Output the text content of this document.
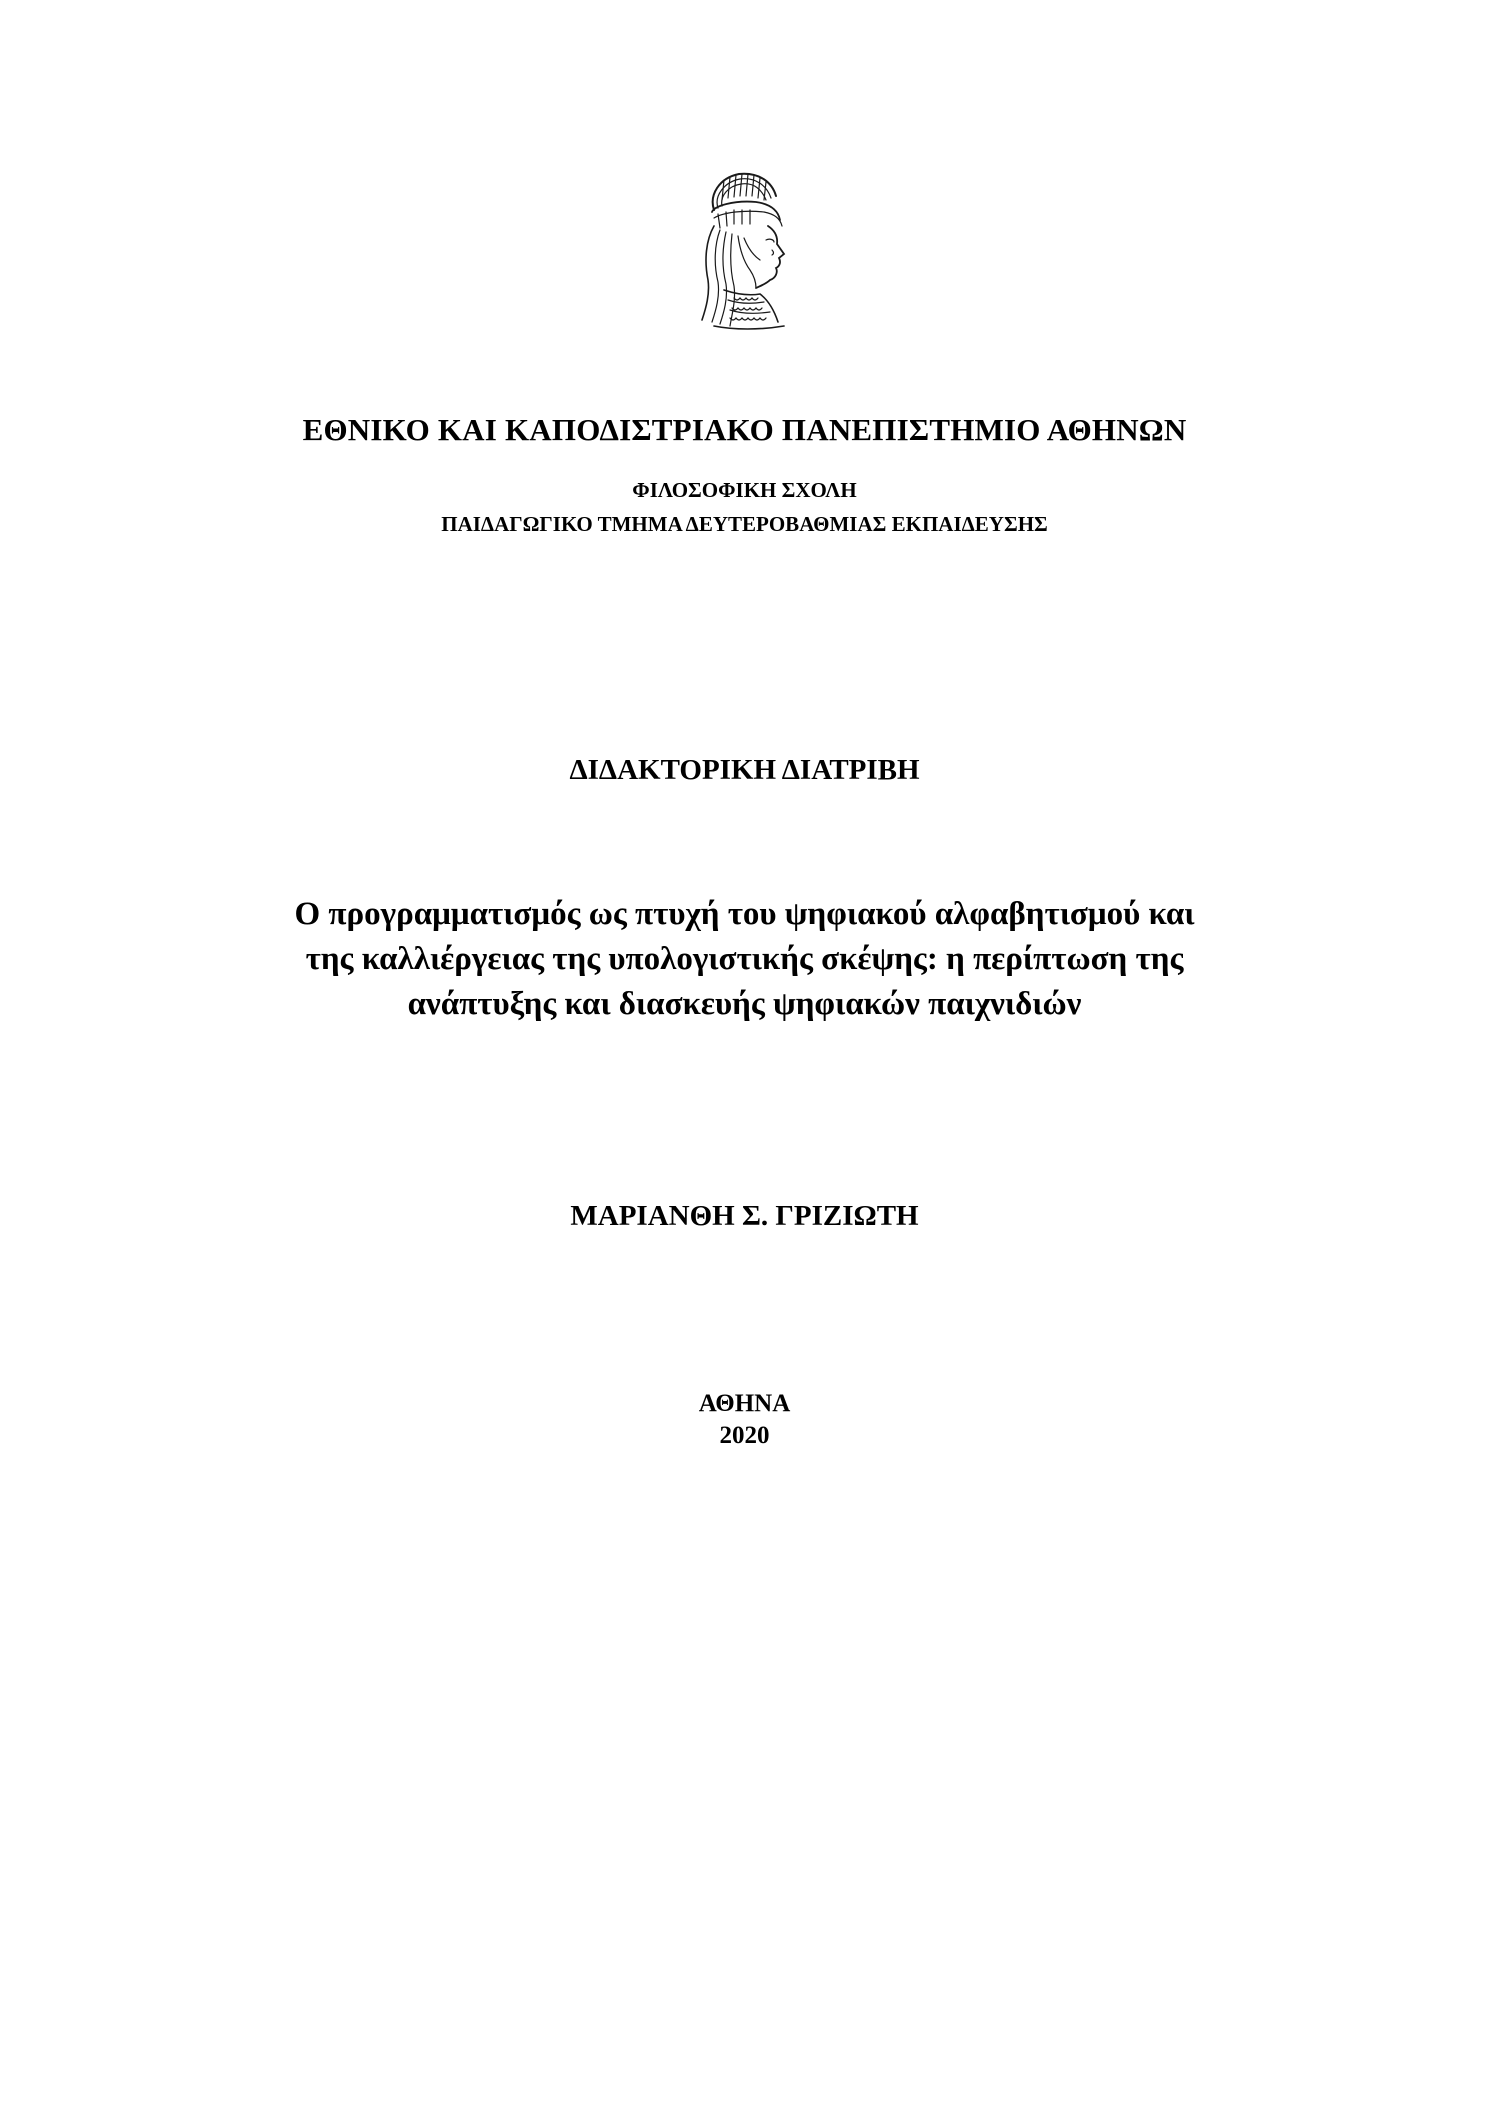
ΕΘΝΙΚΟ ΚΑΙ ΚΑΠΟΔΙΣΤΡΙΑΚΟ ΠΑΝΕΠΙΣΤΗΜΙΟ ΑΘΗΝΩΝ
ΦΙΛΟΣΟΦΙΚΗ ΣΧΟΛΗ
ΠΑΙΔΑΓΩΓΙΚΟ ΤΜΗΜΑ ΔΕΥΤΕΡΟΒΑΘΜΙΑΣ ΕΚΠΑΙΔΕΥΣΗΣ
ΔΙΔΑΚΤΟΡΙΚΗ ΔΙΑΤΡΙΒΗ
Ο προγραμματισμός ως πτυχή του ψηφιακού αλφαβητισμού και
της καλλιέργειας της υπολογιστικής σκέψης: η περίπτωση της
ανάπτυξης και διασκευής ψηφιακών παιχνιδιών
ΜΑΡΙΑΝΘΗ Σ. ΓΡΙΖΙΩΤΗ
ΑΘΗΝΑ
2020
